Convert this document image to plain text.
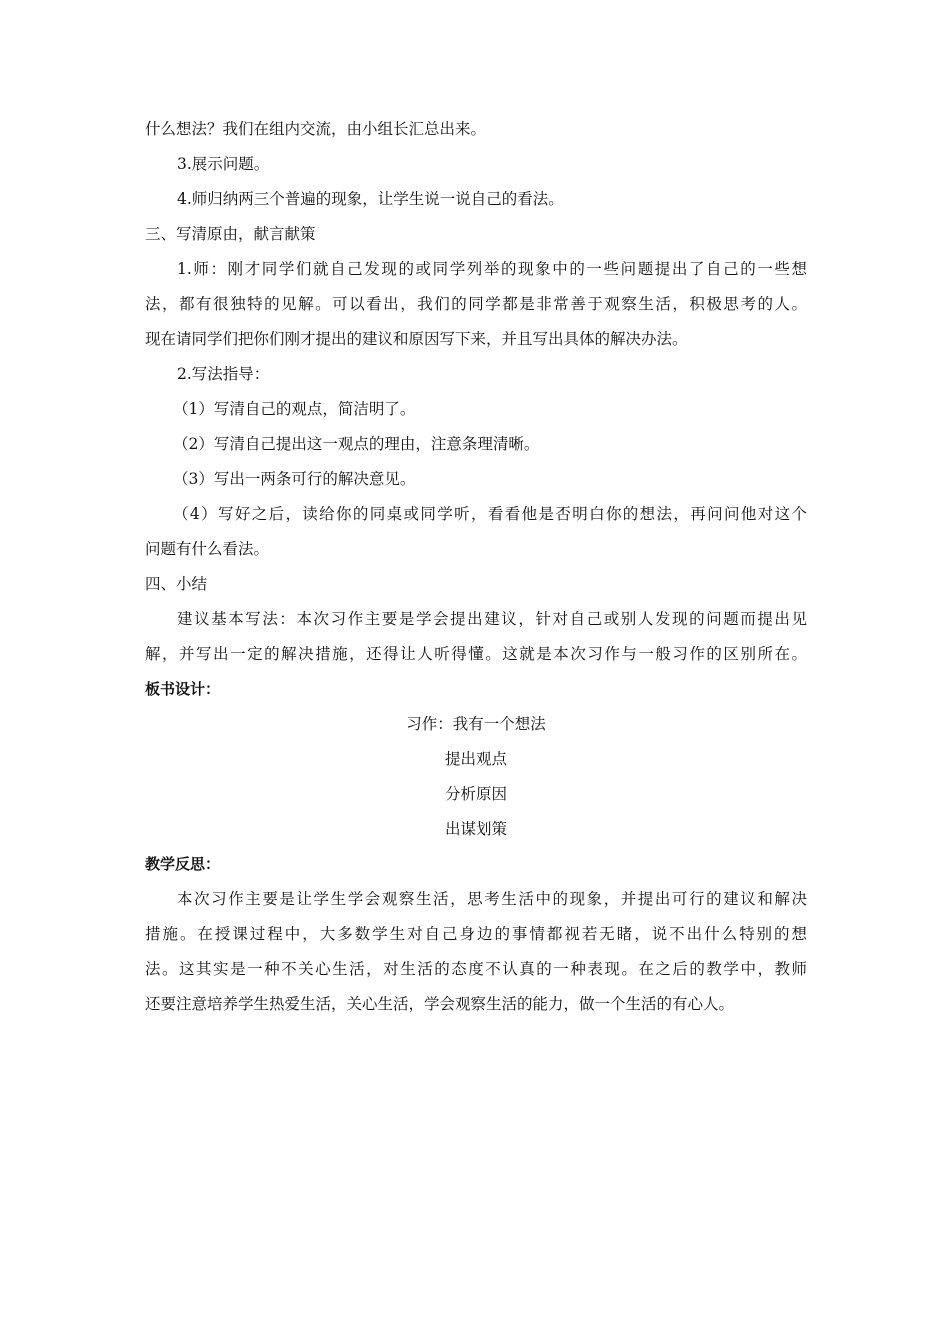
什么想法？我们在组内交流，由小组长汇总出来。
3.展示问题。
4.师归纳两三个普遍的现象，让学生说一说自己的看法。
三、写清原由，献言献策
1.师：刚才同学们就自己发现的或同学列举的现象中的一些问题提出了自己的一些想
法，都有很独特的见解。可以看出，我们的同学都是非常善于观察生活，积极思考的人。
现在请同学们把你们刚才提出的建议和原因写下来，并且写出具体的解决办法。
2.写法指导：
（1）写清自己的观点，简洁明了。
（2）写清自己提出这一观点的理由，注意条理清晰。
（3）写出一两条可行的解决意见。
（4）写好之后，读给你的同桌或同学听，看看他是否明白你的想法，再问问他对这个
问题有什么看法。
四、小结
建议基本写法：本次习作主要是学会提出建议，针对自己或别人发现的问题而提出见
解，并写出一定的解决措施，还得让人听得懂。这就是本次习作与一般习作的区别所在。
板书设计：
习作：我有一个想法
提出观点
分析原因
出谋划策
教学反思：
本次习作主要是让学生学会观察生活，思考生活中的现象，并提出可行的建议和解决
措施。在授课过程中，大多数学生对自己身边的事情都视若无睹，说不出什么特别的想
法。这其实是一种不关心生活，对生活的态度不认真的一种表现。在之后的教学中，教师
还要注意培养学生热爱生活，关心生活，学会观察生活的能力，做一个生活的有心人。
